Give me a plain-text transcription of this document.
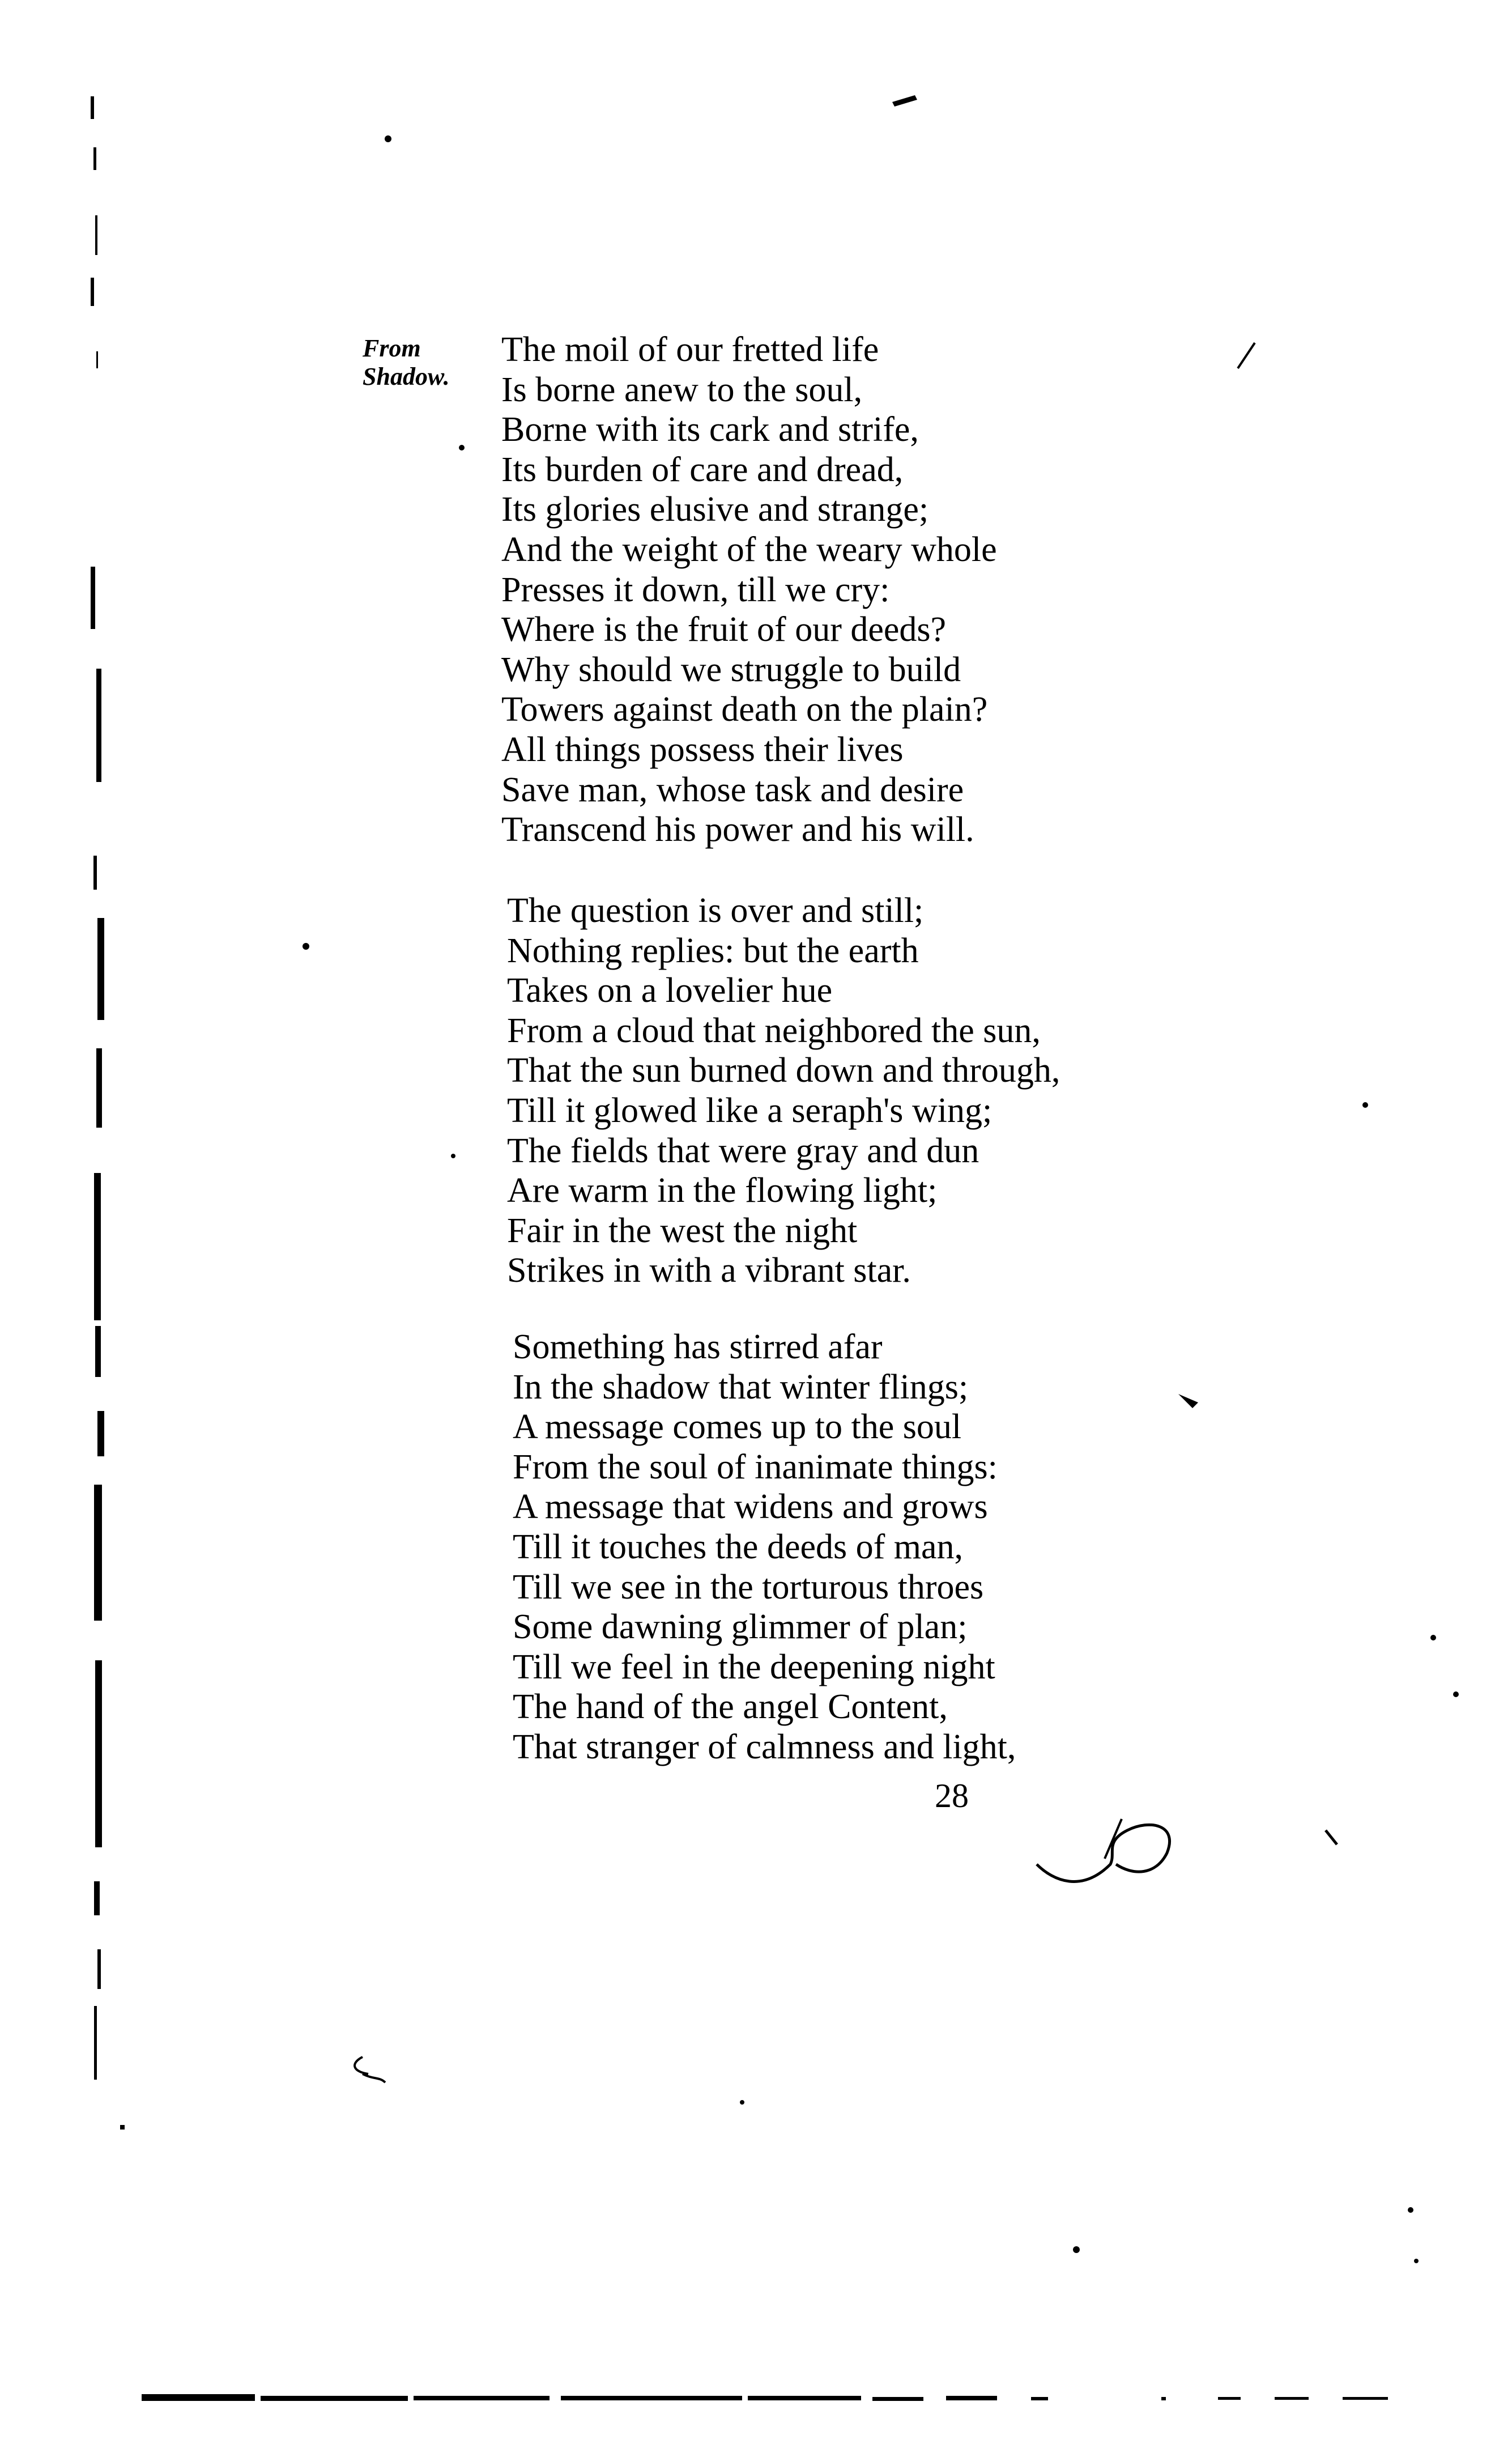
From
Shadow.
The moil of our fretted life
Is borne anew to the soul,
Borne with its cark and strife,
Its burden of care and dread,
Its glories elusive and strange;
And the weight of the weary whole
Presses it down, till we cry:
Where is the fruit of our deeds?
Why should we struggle to build
Towers against death on the plain?
All things possess their lives
Save man, whose task and desire
Transcend his power and his will.
The question is over and still;
Nothing replies: but the earth
Takes on a lovelier hue
From a cloud that neighbored the sun,
That the sun burned down and through,
Till it glowed like a seraph's wing;
The fields that were gray and dun
Are warm in the flowing light;
Fair in the west the night
Strikes in with a vibrant star.
Something has stirred afar
In the shadow that winter flings;
A message comes up to the soul
From the soul of inanimate things:
A message that widens and grows
Till it touches the deeds of man,
Till we see in the torturous throes
Some dawning glimmer of plan;
Till we feel in the deepening night
The hand of the angel Content,
That stranger of calmness and light,
28
